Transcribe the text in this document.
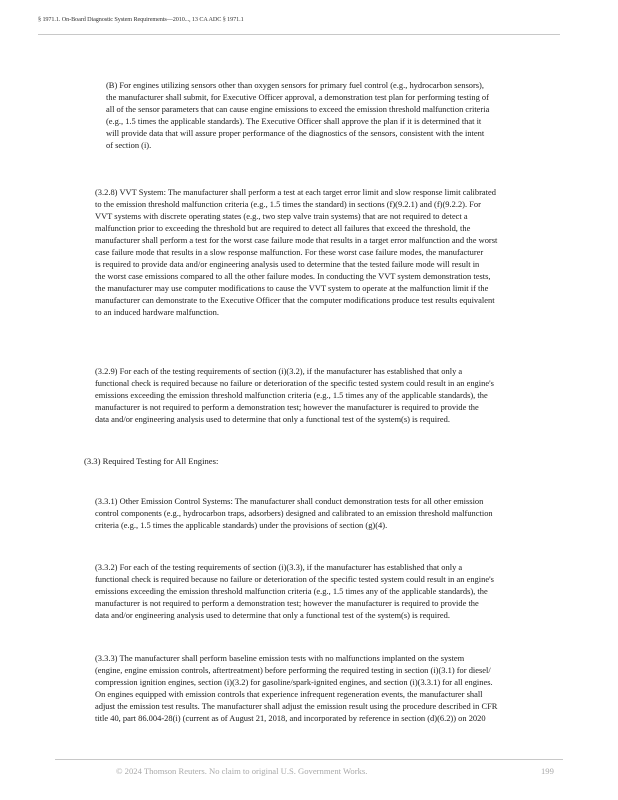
§ 1971.1. On-Board Diagnostic System Requirements—2010..., 13 CA ADC § 1971.1
(B) For engines utilizing sensors other than oxygen sensors for primary fuel control (e.g., hydrocarbon sensors),
the manufacturer shall submit, for Executive Officer approval, a demonstration test plan for performing testing of
all of the sensor parameters that can cause engine emissions to exceed the emission threshold malfunction criteria
(e.g., 1.5 times the applicable standards). The Executive Officer shall approve the plan if it is determined that it
will provide data that will assure proper performance of the diagnostics of the sensors, consistent with the intent
of section (i).
(3.2.8) VVT System: The manufacturer shall perform a test at each target error limit and slow response limit calibrated
to the emission threshold malfunction criteria (e.g., 1.5 times the standard) in sections (f)(9.2.1) and (f)(9.2.2). For
VVT systems with discrete operating states (e.g., two step valve train systems) that are not required to detect a
malfunction prior to exceeding the threshold but are required to detect all failures that exceed the threshold, the
manufacturer shall perform a test for the worst case failure mode that results in a target error malfunction and the worst
case failure mode that results in a slow response malfunction. For these worst case failure modes, the manufacturer
is required to provide data and/or engineering analysis used to determine that the tested failure mode will result in
the worst case emissions compared to all the other failure modes. In conducting the VVT system demonstration tests,
the manufacturer may use computer modifications to cause the VVT system to operate at the malfunction limit if the
manufacturer can demonstrate to the Executive Officer that the computer modifications produce test results equivalent
to an induced hardware malfunction.
(3.2.9) For each of the testing requirements of section (i)(3.2), if the manufacturer has established that only a
functional check is required because no failure or deterioration of the specific tested system could result in an engine's
emissions exceeding the emission threshold malfunction criteria (e.g., 1.5 times any of the applicable standards), the
manufacturer is not required to perform a demonstration test; however the manufacturer is required to provide the
data and/or engineering analysis used to determine that only a functional test of the system(s) is required.
(3.3) Required Testing for All Engines:
(3.3.1) Other Emission Control Systems: The manufacturer shall conduct demonstration tests for all other emission
control components (e.g., hydrocarbon traps, adsorbers) designed and calibrated to an emission threshold malfunction
criteria (e.g., 1.5 times the applicable standards) under the provisions of section (g)(4).
(3.3.2) For each of the testing requirements of section (i)(3.3), if the manufacturer has established that only a
functional check is required because no failure or deterioration of the specific tested system could result in an engine's
emissions exceeding the emission threshold malfunction criteria (e.g., 1.5 times any of the applicable standards), the
manufacturer is not required to perform a demonstration test; however the manufacturer is required to provide the
data and/or engineering analysis used to determine that only a functional test of the system(s) is required.
(3.3.3) The manufacturer shall perform baseline emission tests with no malfunctions implanted on the system
(engine, engine emission controls, aftertreatment) before performing the required testing in section (i)(3.1) for diesel/
compression ignition engines, section (i)(3.2) for gasoline/spark-ignited engines, and section (i)(3.3.1) for all engines.
On engines equipped with emission controls that experience infrequent regeneration events, the manufacturer shall
adjust the emission test results. The manufacturer shall adjust the emission result using the procedure described in CFR
title 40, part 86.004-28(i) (current as of August 21, 2018, and incorporated by reference in section (d)(6.2)) on 2020
© 2024 Thomson Reuters. No claim to original U.S. Government Works.	199
